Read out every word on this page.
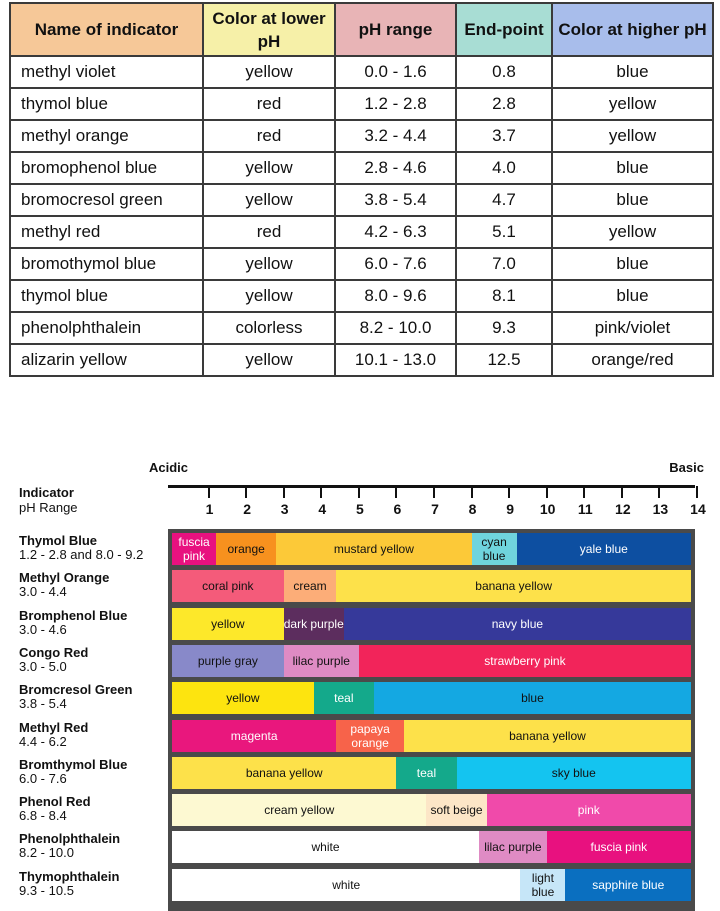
Name of indicator	Color at lower pH	pH range	End-point	Color at higher pH
methyl violet	yellow	0.0 - 1.6	0.8	blue
thymol blue	red	1.2 - 2.8	2.8	yellow
methyl orange	red	3.2 - 4.4	3.7	yellow
bromophenol blue	yellow	2.8 - 4.6	4.0	blue
bromocresol green	yellow	3.8 - 5.4	4.7	blue
methyl red	red	4.2 - 6.3	5.1	yellow
bromothymol blue	yellow	6.0 - 7.6	7.0	blue
thymol blue	yellow	8.0 - 9.6	8.1	blue
phenolphthalein	colorless	8.2 - 10.0	9.3	pink/violet
alizarin yellow	yellow	10.1 - 13.0	12.5	orange/red
Acidic	Basic
Indicator
pH Range	1	2	3	4	5	6	7	8	9	10	11	12	13	14
Thymol Blue
1.2 - 2.8 and 8.0 - 9.2
fuscia pink	orange	mustard yellow	cyan blue	yale blue
Methyl Orange
3.0 - 4.4	coral pink	cream	banana yellow
Bromphenol Blue
3.0 - 4.6	yellow	dark purple	navy blue
Congo Red
3.0 - 5.0	purple gray	lilac purple	strawberry pink
Bromcresol Green
3.8 - 5.4	yellow	teal	blue
Methyl Red
4.4 - 6.2	magenta	papaya orange	banana yellow
Bromthymol Blue
6.0 - 7.6	banana yellow	teal	sky blue
Phenol Red
6.8 - 8.4	cream yellow	soft beige	pink
Phenolphthalein
8.2 - 10.0	white	lilac purple	fuscia pink
Thymophthalein
9.3 - 10.5	white	light blue	sapphire blue
